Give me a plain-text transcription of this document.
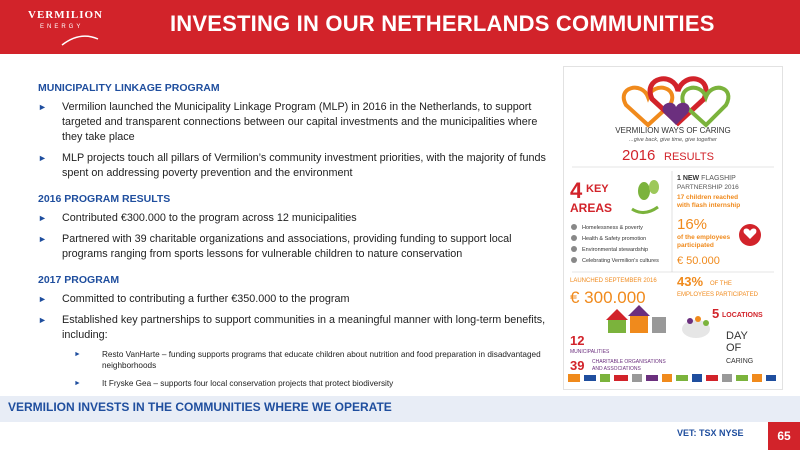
VERMILION
ENERGY	INVESTING IN OUR NETHERLANDS COMMUNITIES
MUNICIPALITY LINKAGE PROGRAM
► Vermilion launched the Municipality Linkage Program (MLP) in 2016 in the Netherlands, to support targeted and transparent connections between our capital investments and the municipalities where they take place
► MLP projects touch all pillars of Vermilion’s community investment priorities, with the majority of funds spent on addressing poverty prevention and the environment
2016 PROGRAM RESULTS
► Contributed €300.000 to the program across 12 municipalities
► Partnered with 39 charitable organizations and associations, providing funding to support local programs ranging from sports lessons for vulnerable children to nature conservation
2017 PROGRAM
► Committed to contributing a further €350.000 to the program
► Established key partnerships to support communities in a meaningful manner with long-term benefits, including:
►	Resto VanHarte – funding supports programs that educate children about nutrition and food preparation in disadvantaged neighborhoods
►	It Fryske Gea – supports four local conservation projects that protect biodiversity
VERMILION WAYS OF CARING
...give back, give time, give together
2016 RESULTS
4 KEY
AREAS
Homelessness & poverty
Health & Safety promotion
Environmental stewardship
Celebrating Vermilion's cultures
1 NEW FLAGSHIP
PARTNERSHIP 2016
17 children reached
with flash internship
16%
of the employees
participated
€ 50.000
LAUNCHED SEPTEMBER 2016
€ 300.000
43% OF THE
EMPLOYEES PARTICIPATED
12
MUNICIPALITIES
39 CHARITABLE ORGANISATIONS
AND ASSOCIATIONS
5 LOCATIONS
DAY
OF
CARING
VERMILION INVESTS IN THE COMMUNITIES WHERE WE OPERATE
VET: TSX NYSE	65
